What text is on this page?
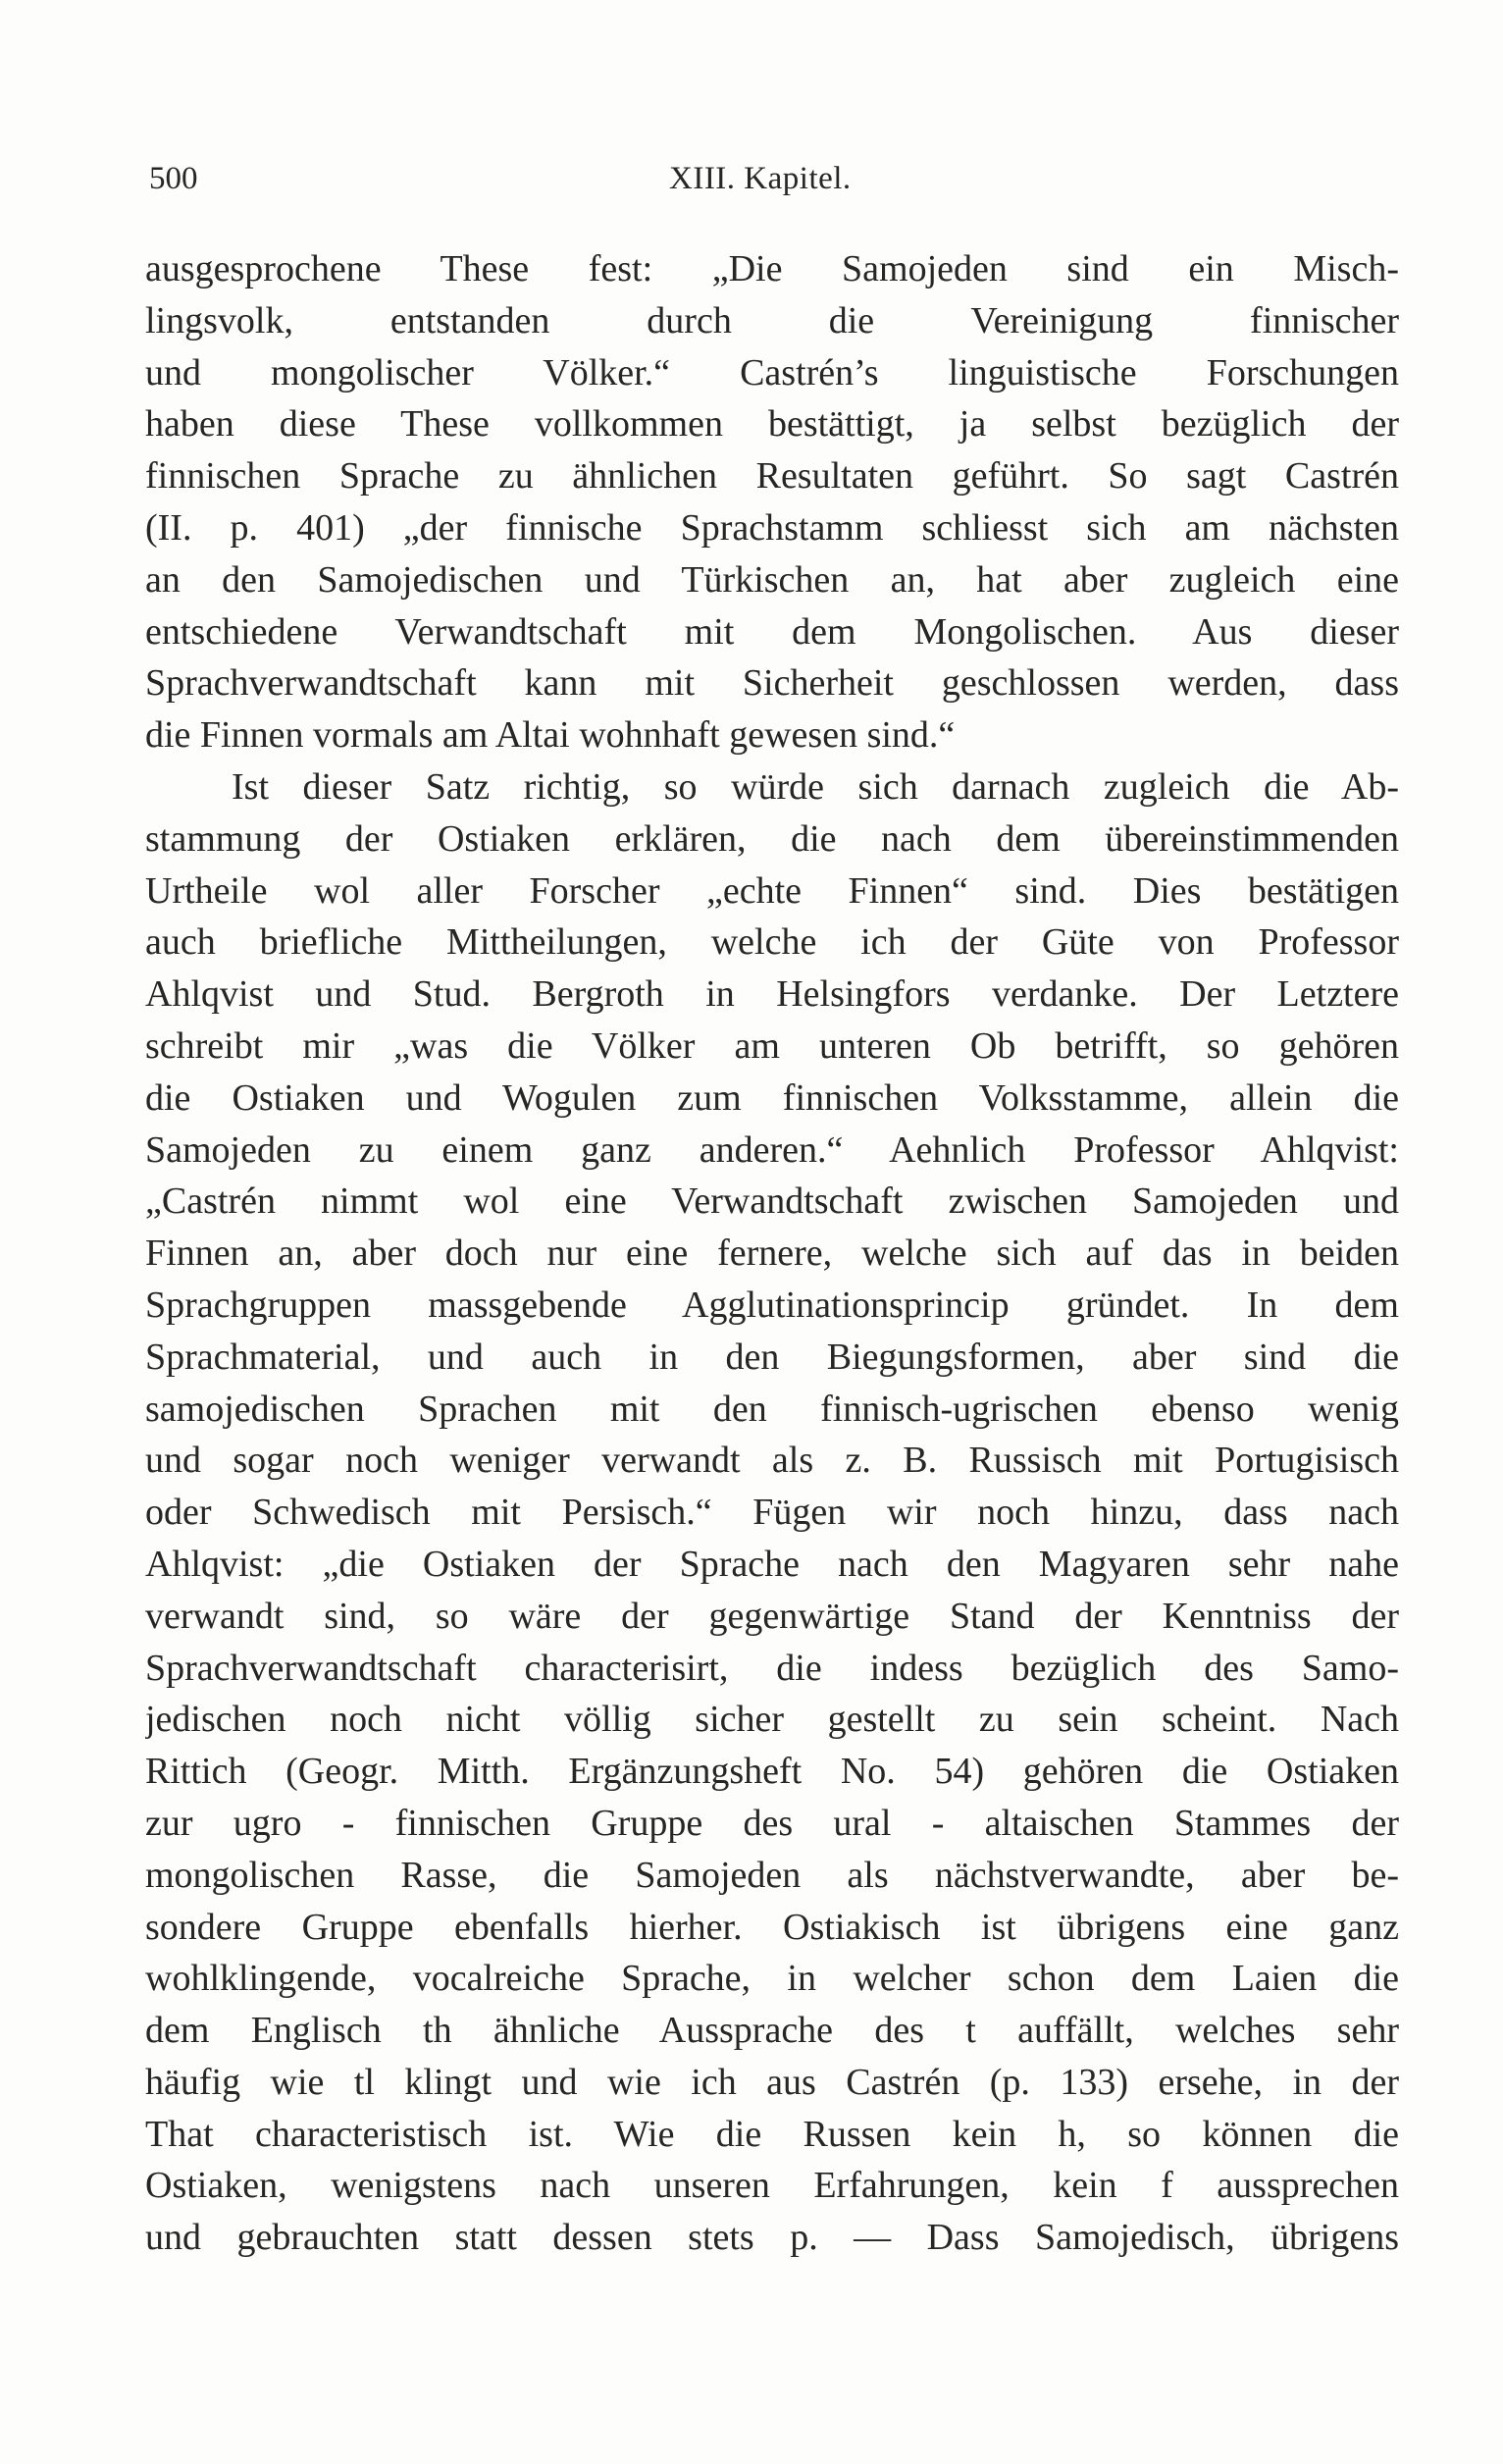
500	XIII. Kapitel.
ausgesprochene These fest: „Die Samojeden sind ein Misch-
lingsvolk, entstanden durch die Vereinigung finnischer
und mongolischer Völker.“ Castrén’s linguistische Forschungen
haben diese These vollkommen bestättigt, ja selbst bezüglich der
finnischen Sprache zu ähnlichen Resultaten geführt. So sagt Castrén
(II. p. 401) „der finnische Sprachstamm schliesst sich am nächsten
an den Samojedischen und Türkischen an, hat aber zugleich eine
entschiedene Verwandtschaft mit dem Mongolischen. Aus dieser
Sprachverwandtschaft kann mit Sicherheit geschlossen werden, dass
die Finnen vormals am Altai wohnhaft gewesen sind.“
Ist dieser Satz richtig, so würde sich darnach zugleich die Ab-
stammung der Ostiaken erklären, die nach dem übereinstimmenden
Urtheile wol aller Forscher „echte Finnen“ sind. Dies bestätigen
auch briefliche Mittheilungen, welche ich der Güte von Professor
Ahlqvist und Stud. Bergroth in Helsingfors verdanke. Der Letztere
schreibt mir „was die Völker am unteren Ob betrifft, so gehören
die Ostiaken und Wogulen zum finnischen Volksstamme, allein die
Samojeden zu einem ganz anderen.“ Aehnlich Professor Ahlqvist:
„Castrén nimmt wol eine Verwandtschaft zwischen Samojeden und
Finnen an, aber doch nur eine fernere, welche sich auf das in beiden
Sprachgruppen massgebende Agglutinationsprincip gründet. In dem
Sprachmaterial, und auch in den Biegungsformen, aber sind die
samojedischen Sprachen mit den finnisch-ugrischen ebenso wenig
und sogar noch weniger verwandt als z. B. Russisch mit Portugisisch
oder Schwedisch mit Persisch.“ Fügen wir noch hinzu, dass nach
Ahlqvist: „die Ostiaken der Sprache nach den Magyaren sehr nahe
verwandt sind, so wäre der gegenwärtige Stand der Kenntniss der
Sprachverwandtschaft characterisirt, die indess bezüglich des Samo-
jedischen noch nicht völlig sicher gestellt zu sein scheint. Nach
Rittich (Geogr. Mitth. Ergänzungsheft No. 54) gehören die Ostiaken
zur ugro - finnischen Gruppe des ural - altaischen Stammes der
mongolischen Rasse, die Samojeden als nächstverwandte, aber be-
sondere Gruppe ebenfalls hierher. Ostiakisch ist übrigens eine ganz
wohlklingende, vocalreiche Sprache, in welcher schon dem Laien die
dem Englisch th ähnliche Aussprache des t auffällt, welches sehr
häufig wie tl klingt und wie ich aus Castrén (p. 133) ersehe, in der
That characteristisch ist. Wie die Russen kein h, so können die
Ostiaken, wenigstens nach unseren Erfahrungen, kein f aussprechen
und gebrauchten statt dessen stets p. — Dass Samojedisch, übrigens
